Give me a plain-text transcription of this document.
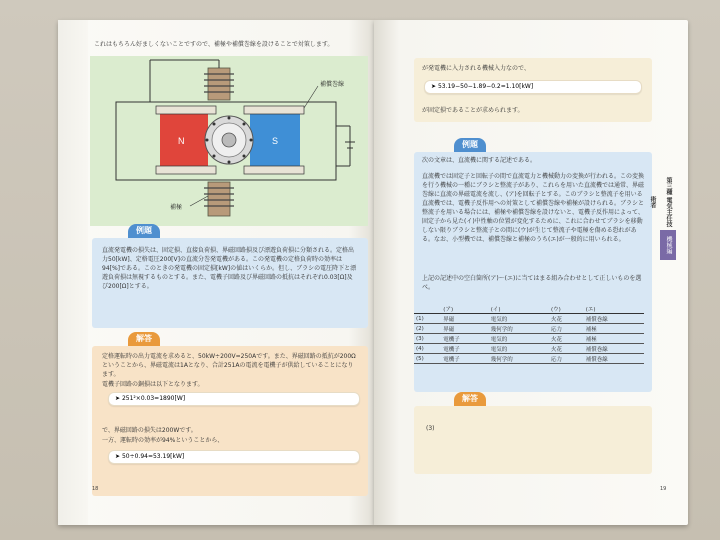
これはもちろん好ましくないことですので、補極や補償巻線を設けることで対策します。
N	S
補償巻線
補極
例題
直流発電機の損失は、固定損、直接負荷損、界磁回路損及び漂遊負荷損に分類される。定格出力50[kW]、定格電圧200[V]の直流分巻発電機がある。この発電機の定格負荷時の効率は94[%]である。このときの発電機の固定損[kW]の値はいくらか。但し、ブラシの電圧降下と漂遊負荷損は無視するものとする。また、電機子回路及び界磁回路の抵抗はそれぞれ0.03[Ω]及び200[Ω]とする。
解答
定格運転時の出力電流を求めると、50kW÷200V=250Aです。また、界磁回路の抵抗が200Ωということから、界磁電流は1Aとなり、合計251Aの電流を電機子が供給していることになります。
電機子回路の銅損は以下となります。
➤ 251²×0.03=1890[W]
で、界磁回路の損失は200Wです。
一方、運転時の効率が94%ということから、
➤ 50÷0.94=53.19[kW]
18
が発電機に入力される機械入力なので、
➤ 53.19−50−1.89−0.2=1.10[kW]
が固定損であることが求められます。
例題
次の文章は、直流機に関する記述である。
直流機では固定子と回転子の間で直流電力と機械動力の変換が行われる。この変換を行う機械の一種にブラシと整流子があり、これらを用いた直流機では通常、界磁巻線に直流の界磁電流を流し、(ア)を回転子とする。このブラシと整流子を用いる直流機では、電機子反作用への対策として補償巻線や補極が設けられる。ブラシと整流子を用いる場合には、補極や補償巻線を設けないと、電機子反作用によって、固定子から見た(イ)中性軸の位置が変化するために、これに合わせてブラシを移動しない限りブラシと整流子との間に(ウ)が生じて整流子や電極を傷める恐れがある。なお、小型機では、補償巻線と補極のうち(エ)が一般的に用いられる。
上記の記述中の空白箇所(ア)〜(エ)に当てはまる組み合わせとして正しいものを選べ。
	(ア)	(イ)	(ウ)	(エ)
(1)	界磁	電気的	火花	補償巻線
(2)	界磁	幾何学的	応力	補極
(3)	電機子	電気的	火花	補極
(4)	電機子	電気的	火花	補償巻線
(5)	電機子	幾何学的	応力	補償巻線
解答
(3)
第三種 電気主任技術者
機械編
19
